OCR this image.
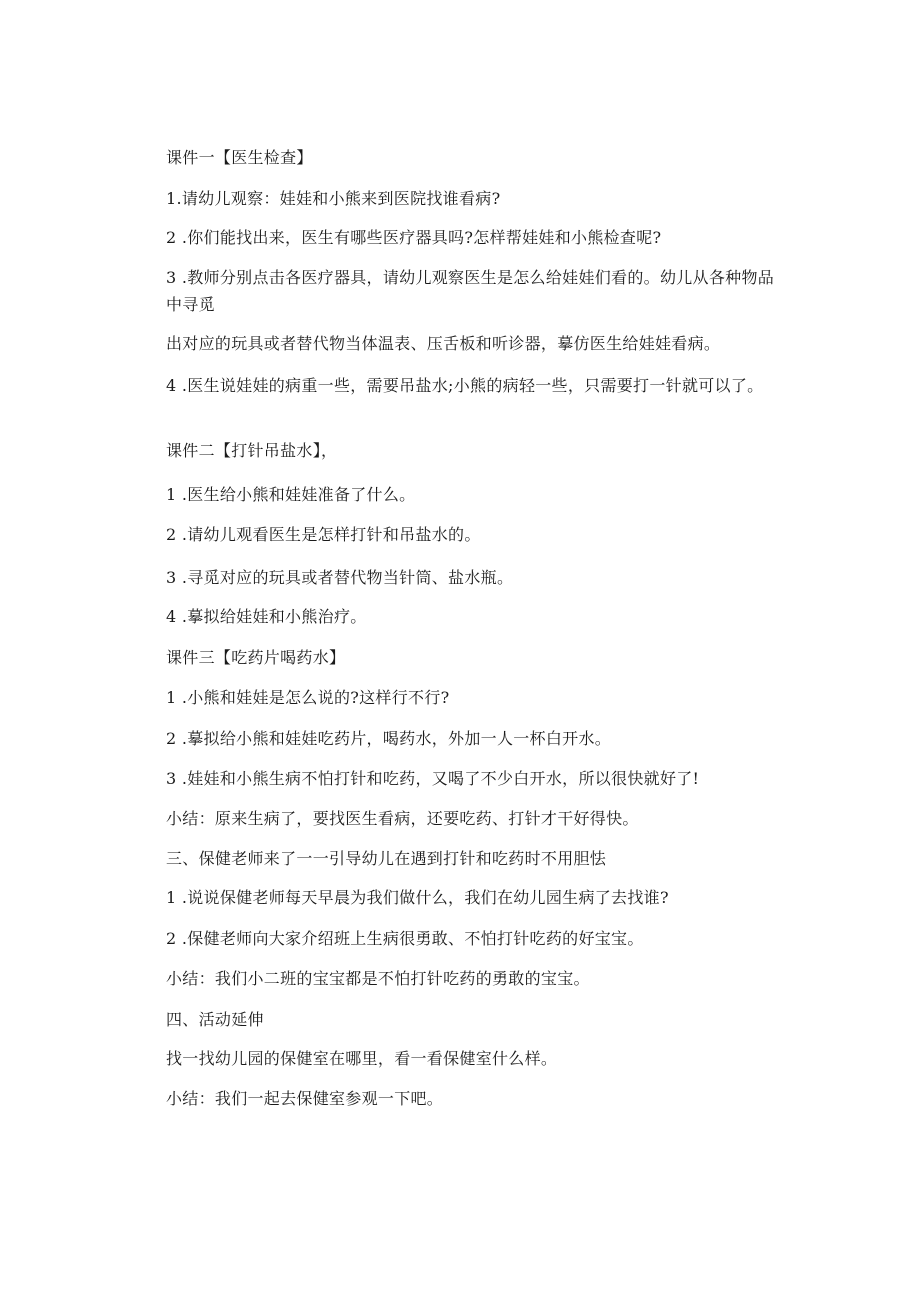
课件一【医生检查】
1.请幼儿观察：娃娃和小熊来到医院找谁看病?
2 .你们能找出来，医生有哪些医疗器具吗?怎样帮娃娃和小熊检查呢?
3 .教师分别点击各医疗器具，请幼儿观察医生是怎么给娃娃们看的。幼儿从各种物品中寻觅
出对应的玩具或者替代物当体温表、压舌板和听诊器，摹仿医生给娃娃看病。
4 .医生说娃娃的病重一些，需要吊盐水;小熊的病轻一些，只需要打一针就可以了。
课件二【打针吊盐水】，
1 .医生给小熊和娃娃准备了什么。
2 .请幼儿观看医生是怎样打针和吊盐水的。
3 .寻觅对应的玩具或者替代物当针筒、盐水瓶。
4 .摹拟给娃娃和小熊治疗。
课件三【吃药片喝药水】
1 .小熊和娃娃是怎么说的?这样行不行?
2 .摹拟给小熊和娃娃吃药片，喝药水，外加一人一杯白开水。
3 .娃娃和小熊生病不怕打针和吃药，又喝了不少白开水，所以很快就好了!
小结：原来生病了，要找医生看病，还要吃药、打针才干好得快。
三、保健老师来了一一引导幼儿在遇到打针和吃药时不用胆怯
1 .说说保健老师每天早晨为我们做什么，我们在幼儿园生病了去找谁?
2 .保健老师向大家介绍班上生病很勇敢、不怕打针吃药的好宝宝。
小结：我们小二班的宝宝都是不怕打针吃药的勇敢的宝宝。
四、活动延伸
找一找幼儿园的保健室在哪里，看一看保健室什么样。
小结：我们一起去保健室参观一下吧。
